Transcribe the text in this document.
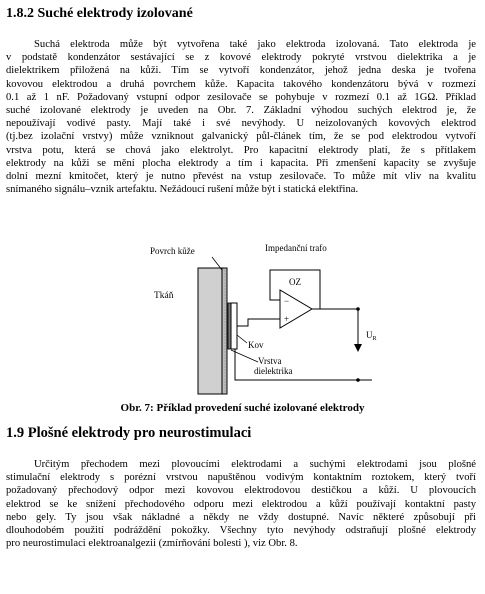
1.8.2 Suché elektrody izolované
Suchá elektroda může být vytvořena také jako elektroda izolovaná. Tato elektroda je
v podstatě kondenzátor sestávající se z kovové elektrody pokryté vrstvou dielektrika a je
dielektrikem přiložená na kůži. Tím se vytvoří kondenzátor, jehož jedna deska je tvořena
kovovou elektrodou a druhá povrchem kůže. Kapacita takového kondenzátoru bývá v rozmezí
0.1 až 1 nF. Požadovaný vstupní odpor zesilovače se pohybuje v rozmezí 0.1 až 1GΩ. Příklad
suché izolované elektrody je uveden na Obr. 7. Základní výhodou suchých elektrod je, že
nepoužívají vodivé pasty. Mají také i své nevýhody. U neizolovaných kovových elektrod
(tj.bez izolační vrstvy) může vzniknout galvanický půl-článek tím, že se pod elektrodou vytvoří
vrstva potu, která se chová jako elektrolyt. Pro kapacitní elektrody platí, že s přítlakem
elektrody na kůži se mění plocha elektrody a tím i kapacita. Při zmenšení kapacity se zvyšuje
dolní mezní kmitočet, který je nutno převést na vstup zesilovače. To může mít vliv na kvalitu
snímaného signálu–vznik artefaktu. Nežádoucí rušení může být i statická elektřina.
Povrch kůže
Tkáň
Impedanční trafo
−
+
OZ
$U_R$
Kov
Vrstva
dielektrika

Obr. 7: Příklad provedení suché izolované elektrody

1.9 Plošné elektrody pro neurostimulaci
Určitým přechodem mezi plovoucími elektrodami a suchými elektrodami jsou plošné
stimulační elektrody s porézní vrstvou napuštěnou vodivým kontaktním roztokem, který tvoří
požadovaný přechodový odpor mezi kovovou elektrodovou destičkou a kůží. U plovoucích
elektrod se ke snížení přechodového odporu mezi elektrodou a kůží používají kontaktní pasty
nebo gely. Ty jsou však nákladné a někdy ne vždy dostupné. Navíc některé způsobují při
dlouhodobém použití podráždění pokožky. Všechny tyto nevýhody odstraňují plošné elektrody
pro neurostimulaci elektroanalgezii (zmírňování bolesti ), viz Obr. 8.
